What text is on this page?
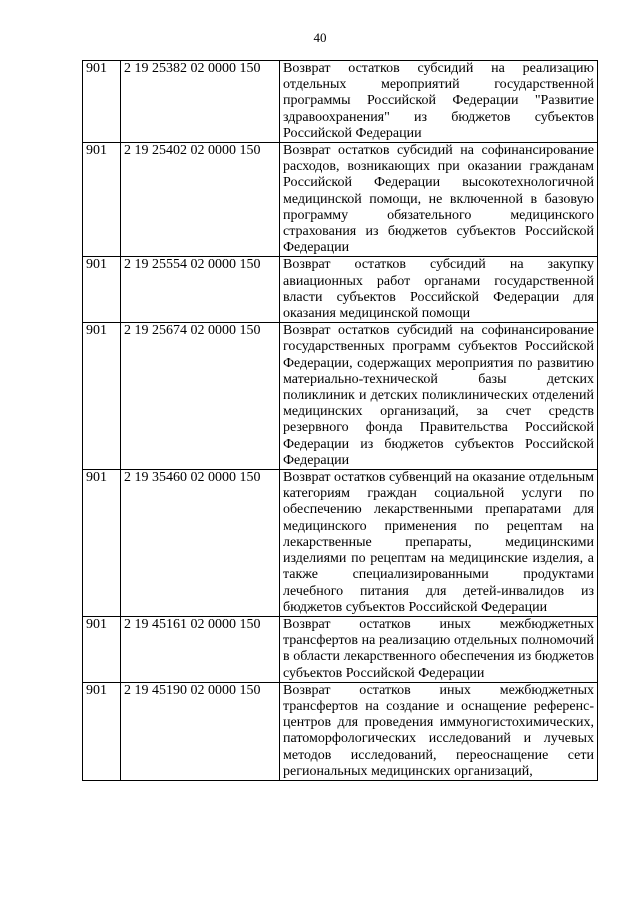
40
901	2 19 25382 02 0000 150	Возврат остатков субсидий на реализацию отдельных мероприятий государственной программы Российской Федерации "Развитие здравоохранения" из бюджетов субъектов Российской Федерации
901	2 19 25402 02 0000 150	Возврат остатков субсидий на софинансирование расходов, возникающих при оказании гражданам Российской Федерации высокотехнологичной медицинской помощи, не включенной в базовую программу обязательного медицинского страхования из бюджетов субъектов Российской Федерации
901	2 19 25554 02 0000 150	Возврат остатков субсидий на закупку авиационных работ органами государственной власти субъектов Российской Федерации для оказания медицинской помощи
901	2 19 25674 02 0000 150	Возврат остатков субсидий на софинансирование государственных программ субъектов Российской Федерации, содержащих мероприятия по развитию материально-технической базы детских поликлиник и детских поликлинических отделений медицинских организаций, за счет средств резервного фонда Правительства Российской Федерации из бюджетов субъектов Российской Федерации
901	2 19 35460 02 0000 150	Возврат остатков субвенций на оказание отдельным категориям граждан социальной услуги по обеспечению лекарственными препаратами для медицинского применения по рецептам на лекарственные препараты, медицинскими изделиями по рецептам на медицинские изделия, а также специализированными продуктами лечебного питания для детей-инвалидов из бюджетов субъектов Российской Федерации
901	2 19 45161 02 0000 150	Возврат остатков иных межбюджетных трансфертов на реализацию отдельных полномочий в области лекарственного обеспечения из бюджетов субъектов Российской Федерации
901	2 19 45190 02 0000 150	Возврат остатков иных межбюджетных трансфертов на создание и оснащение референс-центров для проведения иммуногистохимических, патоморфологических исследований и лучевых методов исследований, переоснащение сети региональных медицинских организаций,
